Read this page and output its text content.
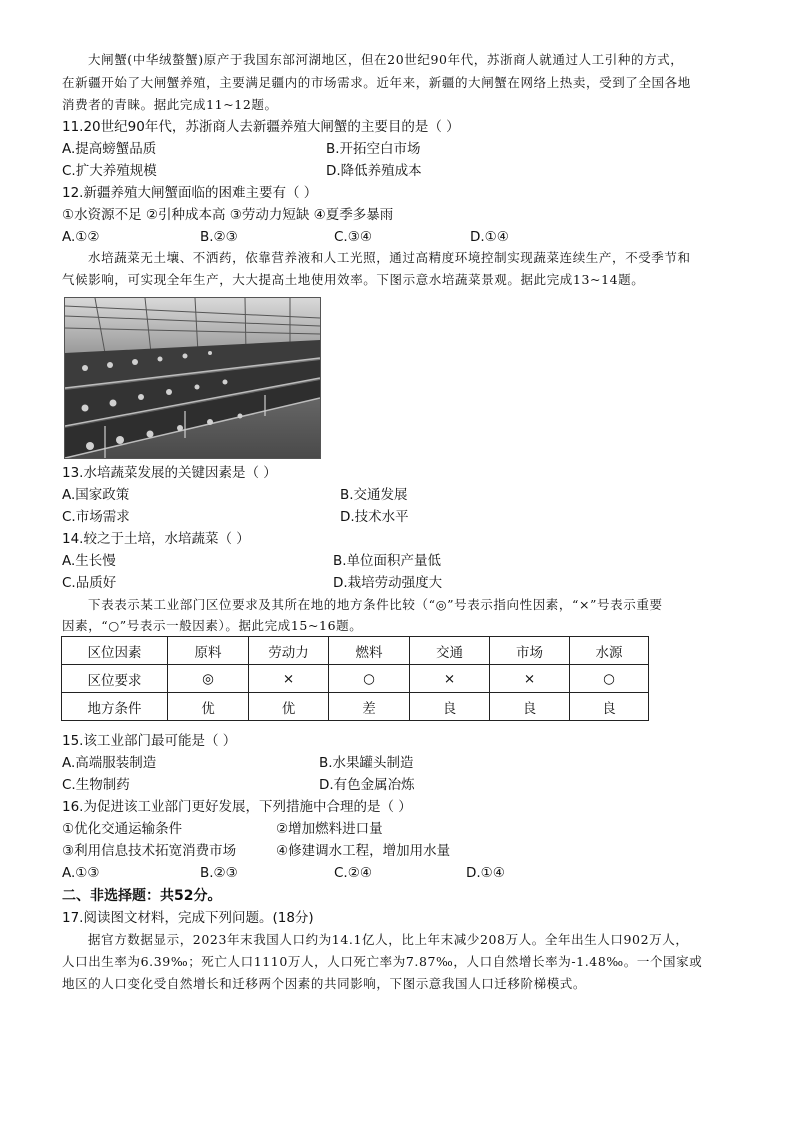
大闸蟹(中华绒螯蟹)原产于我国东部河湖地区，但在20世纪90年代，苏浙商人就通过人工引种的方式，
在新疆开始了大闸蟹养殖，主要满足疆内的市场需求。近年来，新疆的大闸蟹在网络上热卖，受到了全国各地
消费者的青睐。据此完成11~12题。
11.20世纪90年代，苏浙商人去新疆养殖大闸蟹的主要目的是（ ）
A.提高螃蟹品质	B.开拓空白市场
C.扩大养殖规模	D.降低养殖成本
12.新疆养殖大闸蟹面临的困难主要有（ ）
①水资源不足 ②引种成本高 ③劳动力短缺 ④夏季多暴雨
A.①②	B.②③	C.③④	D.①④
水培蔬菜无土壤、不洒药，依靠营养液和人工光照，通过高精度环境控制实现蔬菜连续生产，不受季节和
气候影响，可实现全年生产，大大提高土地使用效率。下图示意水培蔬菜景观。据此完成13~14题。
13.水培蔬菜发展的关键因素是（ ）
A.国家政策	B.交通发展
C.市场需求	D.技术水平
14.较之于土培，水培蔬菜（ ）
A.生长慢	B.单位面积产量低
C.品质好	D.栽培劳动强度大
下表表示某工业部门区位要求及其所在地的地方条件比较（“◎”号表示指向性因素，“×”号表示重要
因素，“○”号表示一般因素）。据此完成15~16题。
区位因素	原料	劳动力	燃料	交通	市场	水源
区位要求	◎	×	○	×	×	○
地方条件	优	优	差	良	良	良
15.该工业部门最可能是（ ）
A.高端服装制造	B.水果罐头制造
C.生物制药	D.有色金属冶炼
16.为促进该工业部门更好发展，下列措施中合理的是（ ）
①优化交通运输条件	②增加燃料进口量
③利用信息技术拓宽消费市场	④修建调水工程，增加用水量
A.①③	B.②③	C.②④	D.①④
二、非选择题：共52分。
17.阅读图文材料，完成下列问题。(18分)
据官方数据显示，2023年末我国人口约为14.1亿人，比上年末减少208万人。全年出生人口902万人，
人口出生率为6.39‰；死亡人口1110万人，人口死亡率为7.87‰，人口自然增长率为-1.48‰。一个国家或
地区的人口变化受自然增长和迁移两个因素的共同影响，下图示意我国人口迁移阶梯模式。
